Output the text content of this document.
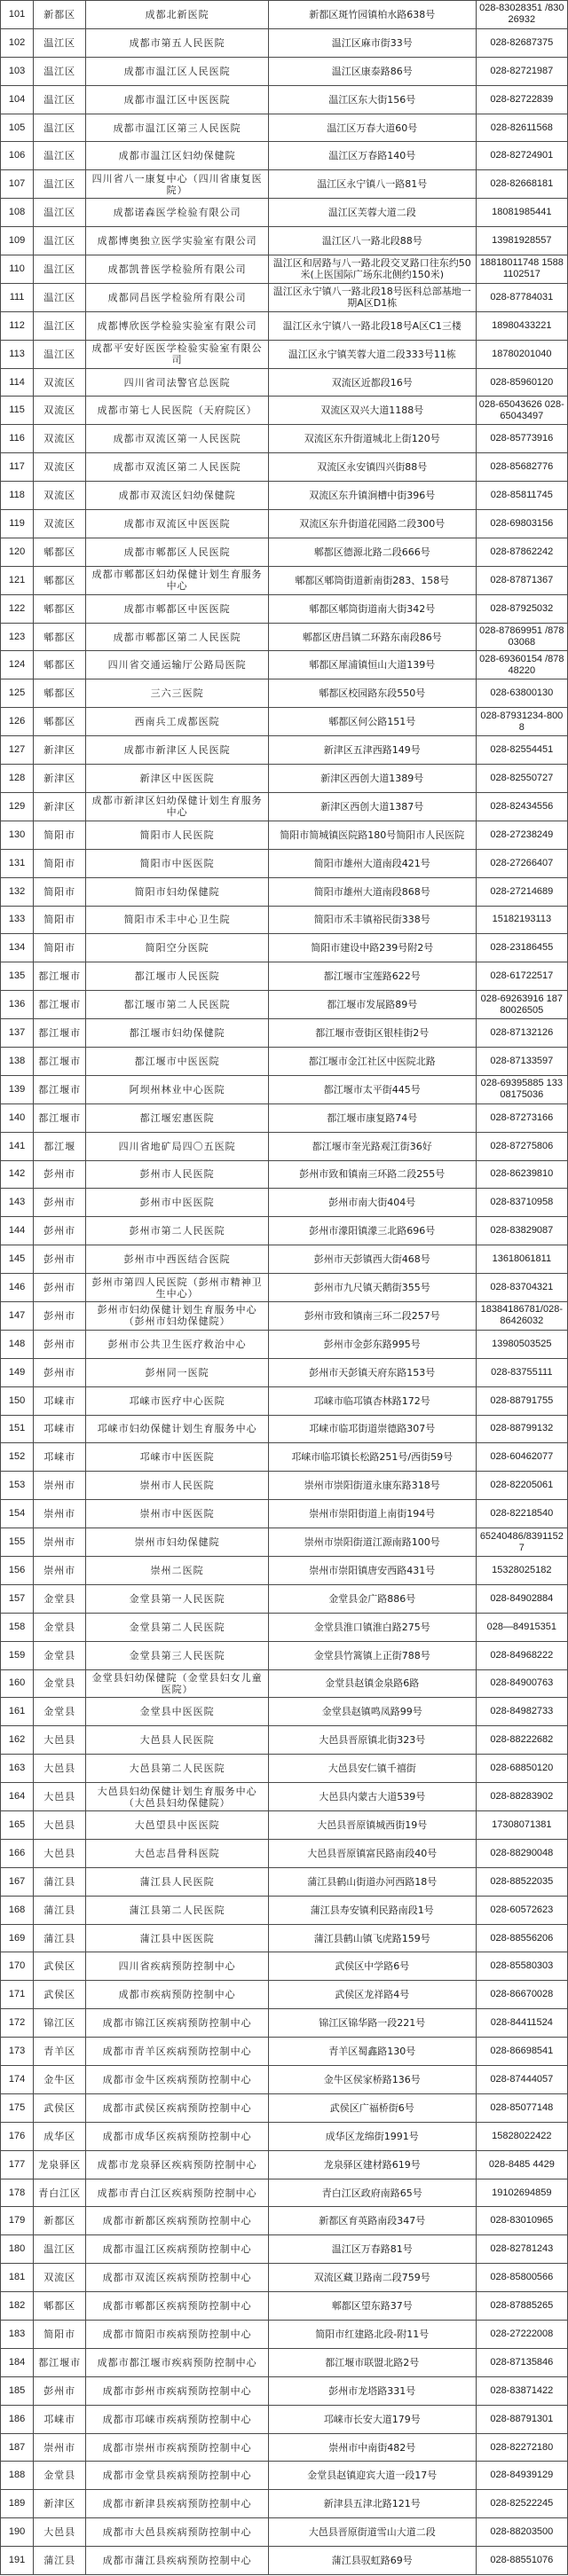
101	新都区	成都北新医院	新都区斑竹园镇柏水路638号	028-83028351 /83026932
102	温江区	成都市第五人民医院	温江区麻市街33号	028-82687375
103	温江区	成都市温江区人民医院	温江区康泰路86号	028-82721987
104	温江区	成都市温江区中医医院	温江区东大街156号	028-82722839
105	温江区	成都市温江区第三人民医院	温江区万春大道60号	028-82611568
106	温江区	成都市温江区妇幼保健院	温江区万春路140号	028-82724901
107	温江区	四川省八一康复中心（四川省康复医院）	温江区永宁镇八一路81号	028-82668181
108	温江区	成都诺森医学检验有限公司	温江区芙蓉大道二段	18081985441
109	温江区	成都博奥独立医学实验室有限公司	温江区八一路北段88号	13981928557
110	温江区	成都凯普医学检验所有限公司	温江区和居路与八一路北段交叉路口往东约50米(上医国际广场东北侧约150米)	18818011748 15881102517
111	温江区	成都同昌医学检验所有限公司	温江区永宁镇八一路北段18号医科总部基地一期A区D1栋	028-87784031
112	温江区	成都博欣医学检验实验室有限公司	温江区永宁镇八一路北段18号A区C1三楼	18980433221
113	温江区	成都平安好医医学检验实验室有限公司	温江区永宁镇芙蓉大道二段333号11栋	18780201040
114	双流区	四川省司法警官总医院	双流区近都段16号	028-85960120
115	双流区	成都市第七人民医院（天府院区）	双流区双兴大道1188号	028-65043626 028-65043497
116	双流区	成都市双流区第一人民医院	双流区东升街道城北上街120号	028-85773916
117	双流区	成都市双流区第二人民医院	双流区永安镇四兴街88号	028-85682776
118	双流区	成都市双流区妇幼保健院	双流区东升镇涧槽中街396号	028-85811745
119	双流区	成都市双流区中医医院	双流区东升街道花园路二段300号	028-69803156
120	郫都区	成都市郫都区人民医院	郫都区德源北路二段666号	028-87862242
121	郫都区	成都市郫都区妇幼保健计划生育服务中心	郫都区郫筒街道新南街283、158号	028-87871367
122	郫都区	成都市郫都区中医医院	郫都区郫筒街道南大街342号	028-87925032
123	郫都区	成都市郫都区第二人民医院	郫都区唐昌镇二环路东南段86号	028-87869951 /87803068
124	郫都区	四川省交通运输厅公路局医院	郫都区犀浦镇恒山大道139号	028-69360154 /87848220
125	郫都区	三六三医院	郫都区校园路东段550号	028-63800130
126	郫都区	西南兵工成都医院	郫都区何公路151号	028-87931234-8008
127	新津区	成都市新津区人民医院	新津区五津西路149号	028-82554451
128	新津区	新津区中医医院	新津区西创大道1389号	028-82550727
129	新津区	成都市新津区妇幼保健计划生育服务中心	新津区西创大道1387号	028-82434556
130	简阳市	简阳市人民医院	简阳市简城镇医院路180号简阳市人民医院	028-27238249
131	简阳市	简阳市中医医院	简阳市雄州大道南段421号	028-27266407
132	简阳市	简阳市妇幼保健院	简阳市雄州大道南段868号	028-27214689
133	简阳市	简阳市禾丰中心卫生院	简阳市禾丰镇裕民街338号	15182193113
134	简阳市	简阳空分医院	简阳市建设中路239号附2号	028-23186455
135	都江堰市	都江堰市人民医院	都江堰市宝莲路622号	028-61722517
136	都江堰市	都江堰市第二人民医院	都江堰市发展路89号	028-69263916 18780026505
137	都江堰市	都江堰市妇幼保健院	都江堰市壹街区银桂街2号	028-87132126
138	都江堰市	都江堰市中医医院	都江堰市金江社区中医院北路	028-87133597
139	都江堰市	阿坝州林业中心医院	都江堰市太平街445号	028-69395885 13308175036
140	都江堰市	都江堰宏惠医院	都江堰市康复路74号	028-87273166
141	都江堰	四川省地矿局四〇五医院	都江堰市奎光路观江街36好	028-87275806
142	彭州市	彭州市人民医院	彭州市致和镇南三环路二段255号	028-86239810
143	彭州市	彭州市中医医院	彭州市南大街404号	028-83710958
144	彭州市	彭州市第二人民医院	彭州市濛阳镇濛三北路696号	028-83829087
145	彭州市	彭州市中西医结合医院	彭州市天彭镇西大街468号	13618061811
146	彭州市	彭州市第四人民医院（彭州市精神卫生中心）	彭州市九尺镇天鹅街355号	028-83704321
147	彭州市	彭州市妇幼保健计划生育服务中心（彭州市妇幼保健院）	彭州市致和镇南三环二段257号	18384186781/028-86426032
148	彭州市	彭州市公共卫生医疗救治中心	彭州市金彭东路995号	13980503525
149	彭州市	彭州同一医院	彭州市天彭镇天府东路153号	028-83755111
150	邛崃市	邛崃市医疗中心医院	邛崃市临邛镇杏林路172号	028-88791755
151	邛崃市	邛崃市妇幼保健计划生育服务中心	邛崃市临邛街道崇德路307号	028-88799132
152	邛崃市	邛崃市中医医院	邛崃市临邛镇长松路251号/西街59号	028-60462077
153	崇州市	崇州市人民医院	崇州市崇阳街道永康东路318号	028-82205061
154	崇州市	崇州市中医医院	崇州市崇阳街道上南街194号	028-82218540
155	崇州市	崇州市妇幼保健院	崇州市崇阳街道江源南路100号	65240486/83911527
156	崇州市	崇州二医院	崇州市崇阳镇唐安西路431号	15328025182
157	金堂县	金堂县第一人民医院	金堂县金广路886号	028-84902884
158	金堂县	金堂县第二人民医院	金堂县淮口镇淮白路275号	028—84915351
159	金堂县	金堂县第三人民医院	金堂县竹篙镇上正街788号	028-84968222
160	金堂县	金堂县妇幼保健院（金堂县妇女儿童医院）	金堂县赵镇金泉路6路	028-84900763
161	金堂县	金堂县中医医院	金堂县赵镇鸣凤路99号	028-84982733
162	大邑县	大邑县人民医院	大邑县晋原镇北街323号	028-88222682
163	大邑县	大邑县第二人民医院	大邑县安仁镇千禧街	028-68850120
164	大邑县	大邑县妇幼保健计划生育服务中心（大邑县妇幼保健院）	大邑县内蒙古大道539号	028-88283902
165	大邑县	大邑望县中医医院	大邑县晋原镇城西街19号	17308071381
166	大邑县	大邑志昌骨科医院	大邑县晋原镇富民路南段40号	028-88290048
167	蒲江县	蒲江县人民医院	蒲江县鹤山街道办河西路18号	028-88522035
168	蒲江县	蒲江县第二人民医院	蒲江县寿安镇利民路南段1号	028-60572623
169	蒲江县	蒲江县中医医院	蒲江县鹤山镇飞虎路159号	028-88556206
170	武侯区	四川省疾病预防控制中心	武侯区中学路6号	028-85580303
171	武侯区	成都市疾病预防控制中心	武侯区龙祥路4号	028-86670028
172	锦江区	成都市锦江区疾病预防控制中心	锦江区锦华路一段221号	028-84411524
173	青羊区	成都市青羊区疾病预防控制中心	青羊区蜀鑫路130号	028-86698541
174	金牛区	成都市金牛区疾病预防控制中心	金牛区侯家桥路136号	028-87444057
175	武侯区	成都市武侯区疾病预防控制中心	武侯区广福桥街6号	028-85077148
176	成华区	成都市成华区疾病预防控制中心	成华区龙绵街1991号	15828022422
177	龙泉驿区	成都市龙泉驿区疾病预防控制中心	龙泉驿区建材路619号	028-8485 4429
178	青白江区	成都市青白江区疾病预防控制中心	青白江区政府南路65号	19102694859
179	新都区	成都市新都区疾病预防控制中心	新都区育英路南段347号	028-83010965
180	温江区	成都市温江区疾病预防控制中心	温江区万春路81号	028-82781243
181	双流区	成都市双流区疾病预防控制中心	双流区藏卫路南二段759号	028-85800566
182	郫都区	成都市郫都区疾病预防控制中心	郫都区望东路37号	028-87885265
183	简阳市	成都市简阳市疾病预防控制中心	简阳市红建路北段-附11号	028-27222008
184	都江堰市	成都市都江堰市疾病预防控制中心	都江堰市联盟北路2号	028-87135846
185	彭州市	成都市彭州市疾病预防控制中心	彭州市龙塔路331号	028-83871422
186	邛崃市	成都市邛崃市疾病预防控制中心	邛崃市长安大道179号	028-88791301
187	崇州市	成都市崇州市疾病预防控制中心	崇州市中南街482号	028-82272180
188	金堂县	成都市金堂县疾病预防控制中心	金堂县赵镇迎宾大道一段17号	028-84939129
189	新津区	成都市新津县疾病预防控制中心	新津县五津北路121号	028-82522245
190	大邑县	成都市大邑县疾病预防控制中心	大邑县晋原街道雪山大道二段	028-88203500
191	蒲江县	成都市蒲江县疾病预防控制中心	蒲江县驭虹路69号	028-88551076
